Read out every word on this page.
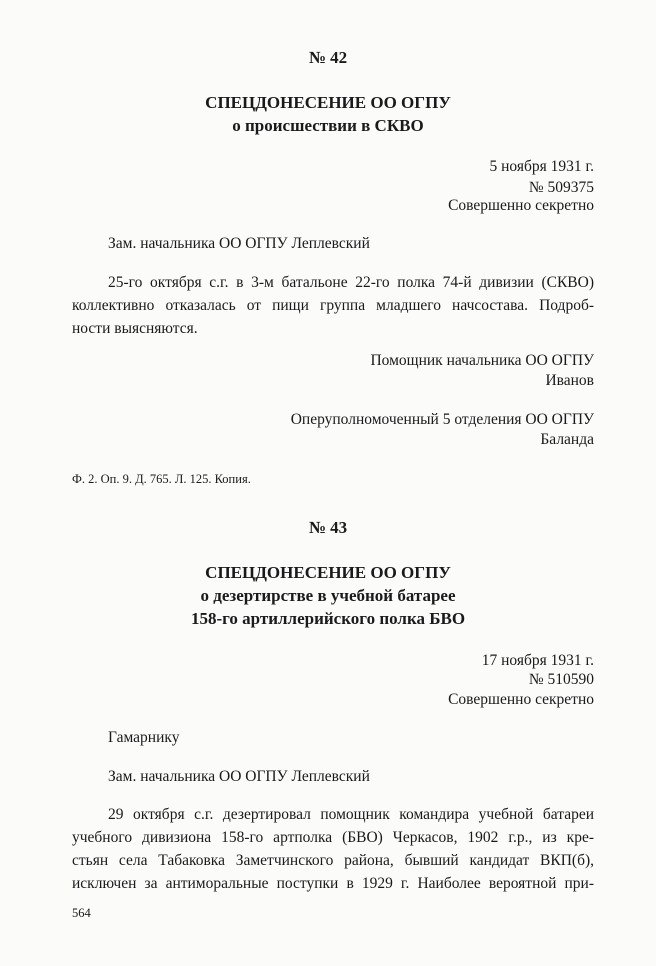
№ 42
СПЕЦДОНЕСЕНИЕ ОО ОГПУ
о происшествии в СКВО
5 ноября 1931 г.
№ 509375
Совершенно секретно
Зам. начальника ОО ОГПУ Леплевский
25-го октября с.г. в 3-м батальоне 22-го полка 74-й дивизии (СКВО)
коллективно отказалась от пищи группа младшего начсостава. Подроб-
ности выясняются.
Помощник начальника ОО ОГПУ
Иванов
Оперуполномоченный 5 отделения ОО ОГПУ
Баланда
Ф. 2. Оп. 9. Д. 765. Л. 125. Копия.
№ 43
СПЕЦДОНЕСЕНИЕ ОО ОГПУ
о дезертирстве в учебной батарее
158-го артиллерийского полка БВО
17 ноября 1931 г.
№ 510590
Совершенно секретно
Гамарнику
Зам. начальника ОО ОГПУ Леплевский
29 октября с.г. дезертировал помощник командира учебной батареи
учебного дивизиона 158-го артполка (БВО) Черкасов, 1902 г.р., из кре-
стьян села Табаковка Заметчинского района, бывший кандидат ВКП(б),
исключен за антиморальные поступки в 1929 г. Наиболее вероятной при-
564
